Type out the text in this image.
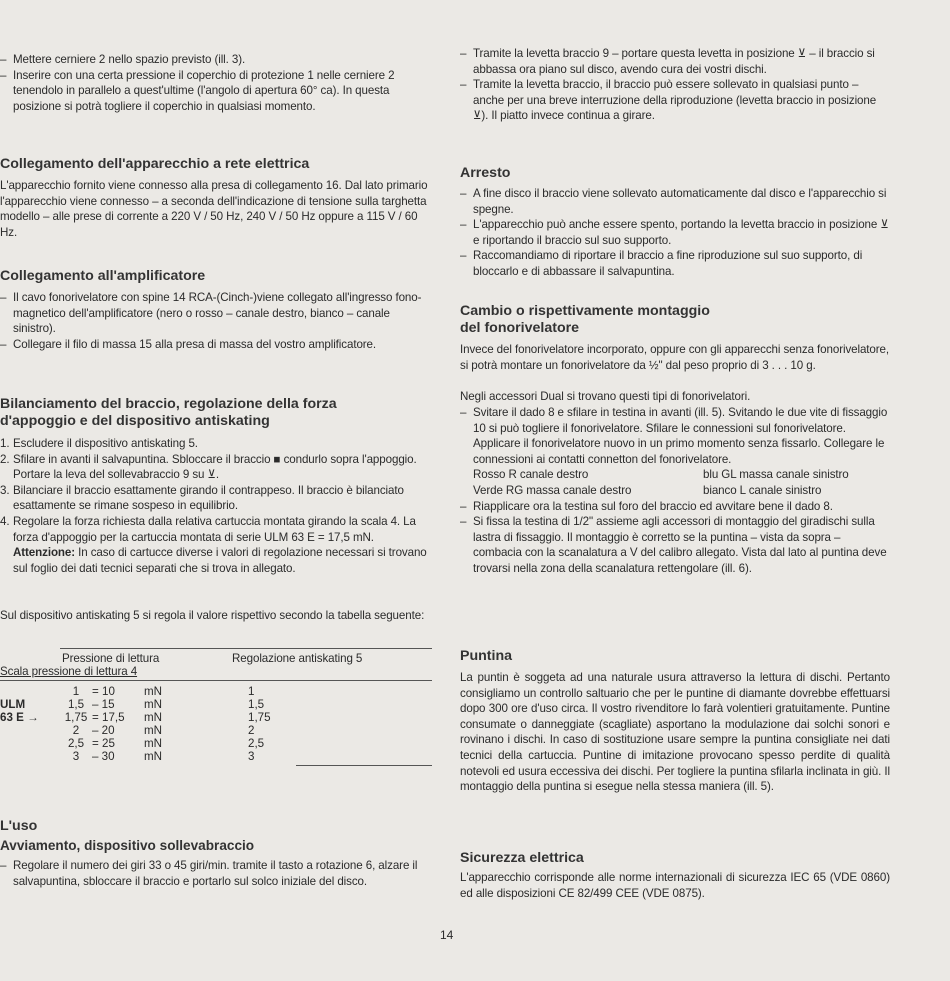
– Mettere cerniere 2 nello spazio previsto (ill. 3).
– Inserire con una certa pressione il coperchio di protezione 1 nelle cerniere 2 tenendolo in parallelo a quest'ultime (l'angolo di apertura 60° ca). In questa posizione si potrà togliere il coperchio in qualsiasi momento.
Collegamento dell'apparecchio a rete elettrica

L'apparecchio fornito viene connesso alla presa di collegamento 16. Dal lato primario l'apparecchio viene connesso – a seconda dell'indicazione di tensione sulla targhetta modello – alle prese di corrente a 220 V / 50 Hz, 240 V / 50 Hz oppure a 115 V / 60 Hz.

Collegamento all'amplificatore
– Il cavo fonorivelatore con spine 14 RCA-(Cinch-)viene collegato all'ingresso fono-magnetico dell'amplificatore (nero o rosso – canale destro, bianco – canale sinistro).
– Collegare il filo di massa 15 alla presa di massa del vostro amplificatore.
Bilanciamento del braccio, regolazione della forza d'appoggio e del dispositivo antiskating
1. Escludere il dispositivo antiskating 5.
2. Sfilare in avanti il salvapuntina. Sbloccare il braccio ■ condurlo sopra l'appoggio. Portare la leva del sollevabraccio 9 su ⊻.
3. Bilanciare il braccio esattamente girando il contrappeso. Il braccio è bilanciato esattamente se rimane sospeso in equilibrio.
4. Regolare la forza richiesta dalla relativa cartuccia montata girando la scala 4. La forza d'appoggio per la cartuccia montata di serie ULM 63 E = 17,5 mN.
Attenzione: In caso di cartucce diverse i valori di regolazione necessari si trovano sul foglio dei dati tecnici separati che si trova in allegato.

Sul dispositivo antiskating 5 si regola il valore rispettivo secondo la tabella seguente:

Pressione di lettura	Regolazione antiskating 5
Scala pressione di lettura 4
	1	= 10	mN	1
ULM	1,5	– 15	mN	1,5
63 E →	1,75	= 17,5	mN	1,75
	2	– 20	mN	2
	2,5	= 25	mN	2,5
	3	– 30	mN	3
L'uso
Avviamento, dispositivo sollevabraccio
– Regolare il numero dei giri 33 o 45 giri/min. tramite il tasto a rotazione 6, alzare il salvapuntina, sbloccare il braccio e portarlo sul solco iniziale del disco.
– Tramite la levetta braccio 9 – portare questa levetta in posizione ⊻ – il braccio si abbassa ora piano sul disco, avendo cura dei vostri dischi.
– Tramite la levetta braccio, il braccio può essere sollevato in qualsiasi punto – anche per una breve interruzione della riproduzione (levetta braccio in posizione ⊻). Il piatto invece continua a girare.
Arresto
– A fine disco il braccio viene sollevato automaticamente dal disco e l'apparecchio si spegne.
– L'apparecchio può anche essere spento, portando la levetta braccio in posizione ⊻ e riportando il braccio sul suo supporto.
– Raccomandiamo di riportare il braccio a fine riproduzione sul suo supporto, di bloccarlo e di abbassare il salvapuntina.
Cambio o rispettivamente montaggio
del fonorivelatore

Invece del fonorivelatore incorporato, oppure con gli apparecchi senza fonorivelatore, si potrà montare un fonorivelatore da ½" dal peso proprio di 3 . . . 10 g.

Negli accessori Dual si trovano questi tipi di fonorivelatori.

– Svitare il dado 8 e sfilare in testina in avanti (ill. 5). Svitando le due vite di fissaggio 10 si può togliere il fonorivelatore. Sfilare le connessioni sul fonorivelatore. Applicare il fonorivelatore nuovo in un primo momento senza fissarlo. Collegare le connessioni ai contatti connetton del fonorivelatore.
Rosso R canale destro	blu GL massa canale sinistro
Verde RG massa canale destro	bianco L canale sinistro
– Riapplicare ora la testina sul foro del braccio ed avvitare bene il dado 8.
– Si fissa la testina di 1/2" assieme agli accessori di montaggio del giradischi sulla lastra di fissaggio. Il montaggio è corretto se la puntina – vista da sopra – combacia con la scanalatura a V del calibro allegato. Vista dal lato al puntina deve trovarsi nella zona della scanalatura rettengolare (ill. 6).
Puntina

La puntin è soggeta ad una naturale usura attraverso la lettura di dischi. Pertanto consigliamo un controllo saltuario che per le puntine di diamante dovrebbe effettuarsi dopo 300 ore d'uso circa. Il vostro rivenditore lo farà volentieri gratuitamente. Puntine consumate o danneggiate (scagliate) asportano la modulazione dai solchi sonori e rovinano i dischi. In caso di sostituzione usare sempre la puntina consigliate nei dati tecnici della cartuccia. Puntine di imitazione provocano spesso perdite di qualità notevoli ed usura eccessiva dei dischi. Per togliere la puntina sfilarla inclinata in giù. Il montaggio della puntina si esegue nella stessa maniera (ill. 5).

Sicurezza elettrica

L'apparecchio corrisponde alle norme internazionali di sicurezza IEC 65 (VDE 0860) ed alle disposizioni CE 82/499 CEE (VDE 0875).

14
